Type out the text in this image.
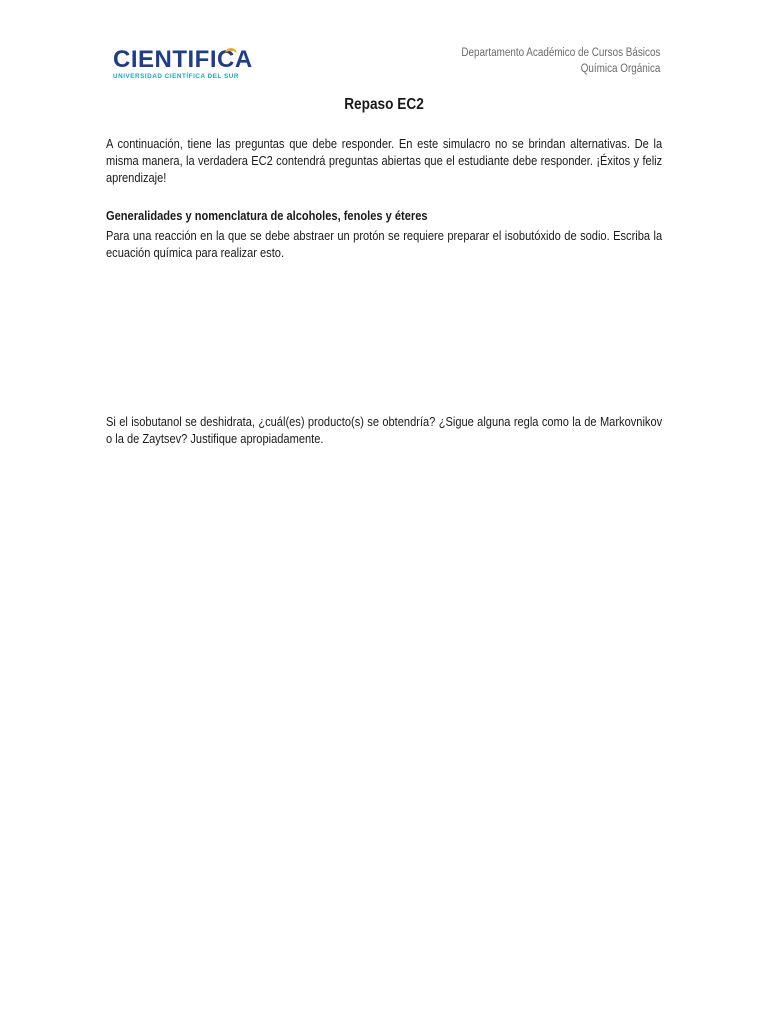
CIENTIFICA
UNIVERSIDAD CIENTÍFICA DEL SUR
Departamento Académico de Cursos Básicos
Química Orgánica
Repaso EC2
A continuación, tiene las preguntas que debe responder. En este simulacro no se brindan alternativas. De la misma manera, la verdadera EC2 contendrá preguntas abiertas que el estudiante debe responder. ¡Éxitos y feliz aprendizaje!
Generalidades y nomenclatura de alcoholes, fenoles y éteres
Para una reacción en la que se debe abstraer un protón se requiere preparar el isobutóxido de sodio. Escriba la ecuación química para realizar esto.
Si el isobutanol se deshidrata, ¿cuál(es) producto(s) se obtendría? ¿Sigue alguna regla como la de Markovnikov o la de Zaytsev? Justifique apropiadamente.
